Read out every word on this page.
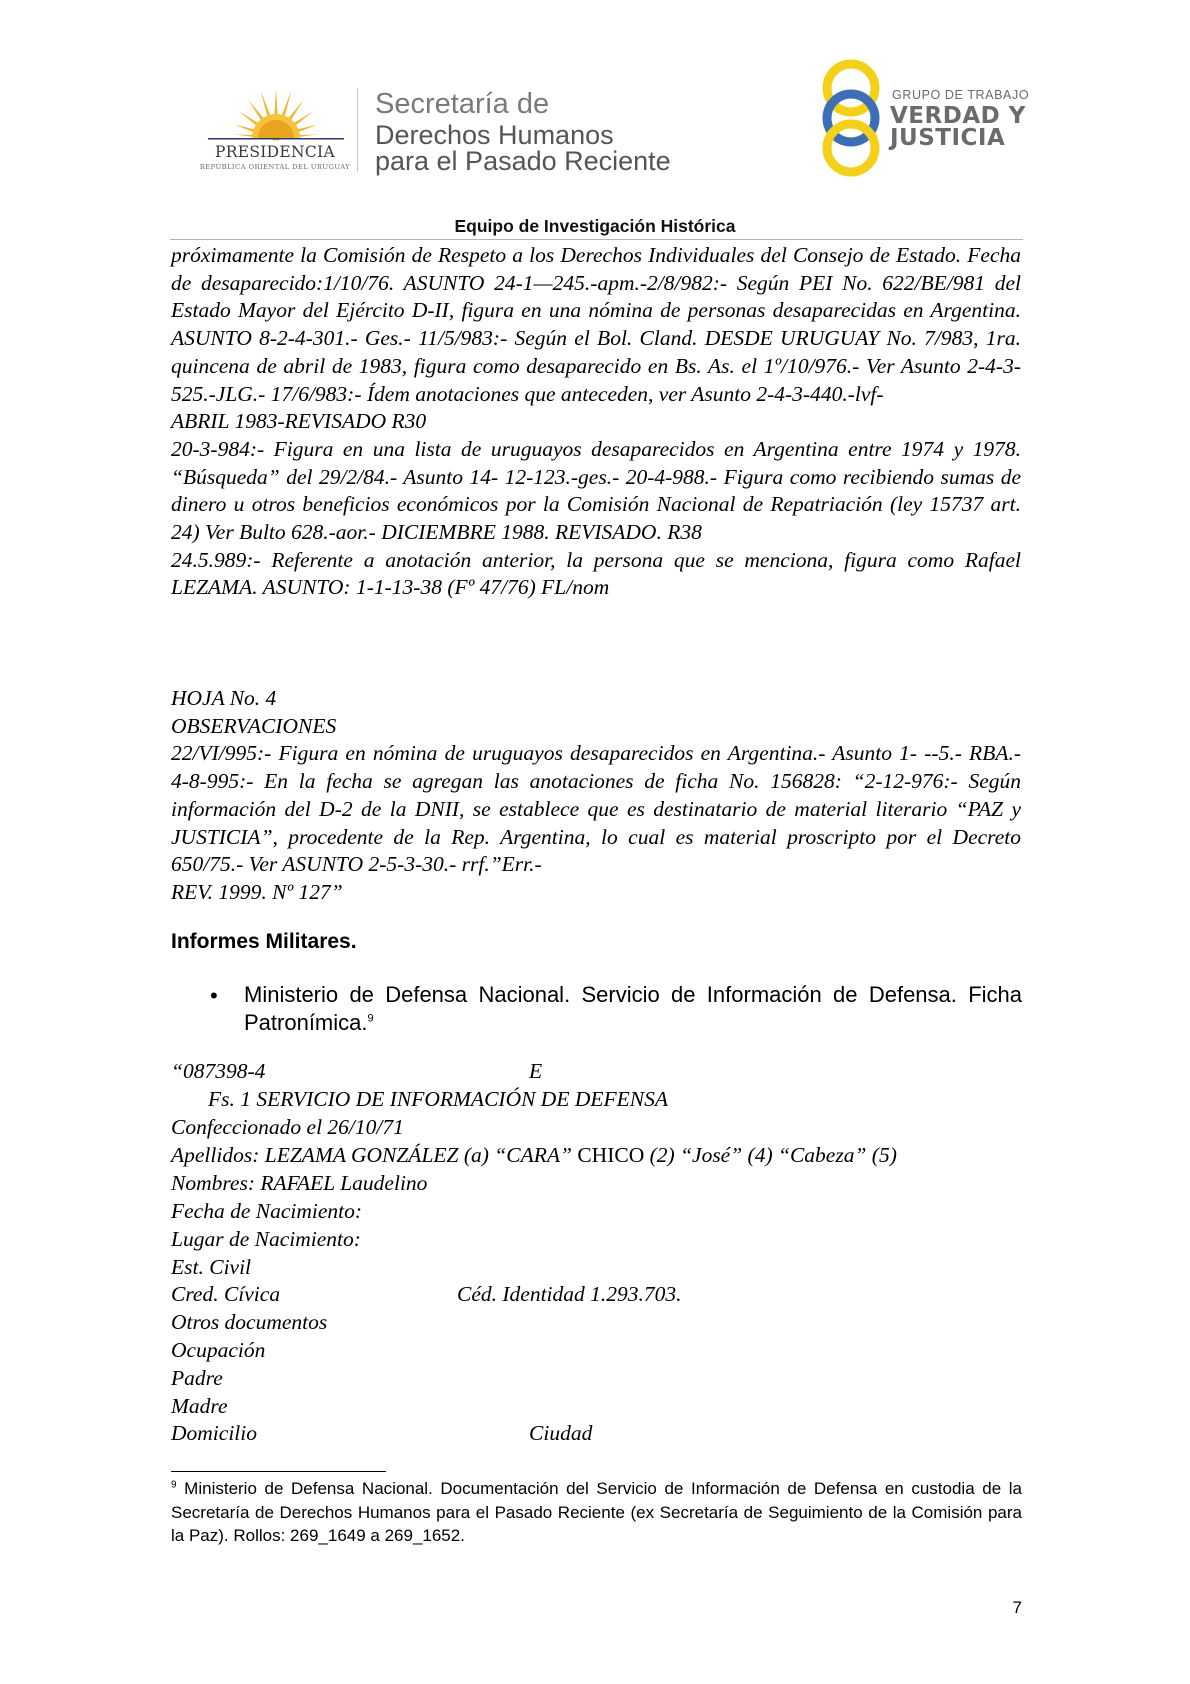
PRESIDENCIA
REPÚBLICA ORIENTAL DEL URUGUAY
Secretaría de
Derechos Humanos
para el Pasado Reciente
GRUPO DE TRABAJO
VERDAD Y
JUSTICIA
Equipo de Investigación Histórica

próximamente la Comisión de Respeto a los Derechos Individuales del Consejo de Estado. Fecha de desaparecido:1/10/76. ASUNTO 24-1—245.-apm.-2/8/982:- Según PEI No. 622/BE/981 del Estado Mayor del Ejército D-II, figura en una nómina de personas desaparecidas en Argentina. ASUNTO 8-2-4-301.- Ges.- 11/5/983:- Según el Bol. Cland. DESDE URUGUAY No. 7/983, 1ra. quincena de abril de 1983, figura como desaparecido en Bs. As. el 1º/10/976.- Ver Asunto 2-4-3-525.-JLG.- 17/6/983:- Ídem anotaciones que anteceden, ver Asunto 2-4-3-440.-lvf-

ABRIL 1983-REVISADO R30

20-3-984:- Figura en una lista de uruguayos desaparecidos en Argentina entre 1974 y 1978. “Búsqueda” del 29/2/84.- Asunto 14- 12-123.-ges.- 20-4-988.- Figura como recibiendo sumas de dinero u otros beneficios económicos por la Comisión Nacional de Repatriación (ley 15737 art. 24) Ver Bulto 628.-aor.- DICIEMBRE 1988. REVISADO. R38

24.5.989:- Referente a anotación anterior, la persona que se menciona, figura como Rafael LEZAMA. ASUNTO: 1-1-13-38 (Fº 47/76) FL/nom

HOJA No. 4

OBSERVACIONES

22/VI/995:- Figura en nómina de uruguayos desaparecidos en Argentina.- Asunto 1- --5.- RBA.- 4-8-995:- En la fecha se agregan las anotaciones de ficha No. 156828: “2-12-976:- Según información del D-2 de la DNII, se establece que es destinatario de material literario “PAZ y JUSTICIA”, procedente de la Rep. Argentina, lo cual es material proscripto por el Decreto 650/75.- Ver ASUNTO 2-5-3-30.- rrf.”Err.-

REV. 1999. Nº 127”

Informes Militares.
• Ministerio de Defensa Nacional. Servicio de Información de Defensa. Ficha Patronímica.$^9$
“087398-4	E
Fs. 1 SERVICIO DE INFORMACIÓN DE DEFENSA
Confeccionado el 26/10/71
Apellidos: LEZAMA GONZÁLEZ (a) “CARA” CHICO (2) “José” (4) “Cabeza” (5)
Nombres: RAFAEL Laudelino
Fecha de Nacimiento:
Lugar de Nacimiento:
Est. Civil
Cred. Cívica	Céd. Identidad 1.293.703.
Otros documentos
Ocupación
Padre
Madre
Domicilio	Ciudad
$^9$ Ministerio de Defensa Nacional. Documentación del Servicio de Información de Defensa en custodia de la Secretaría de Derechos Humanos para el Pasado Reciente (ex Secretaría de Seguimiento de la Comisión para la Paz). Rollos: 269_1649 a 269_1652.
7
